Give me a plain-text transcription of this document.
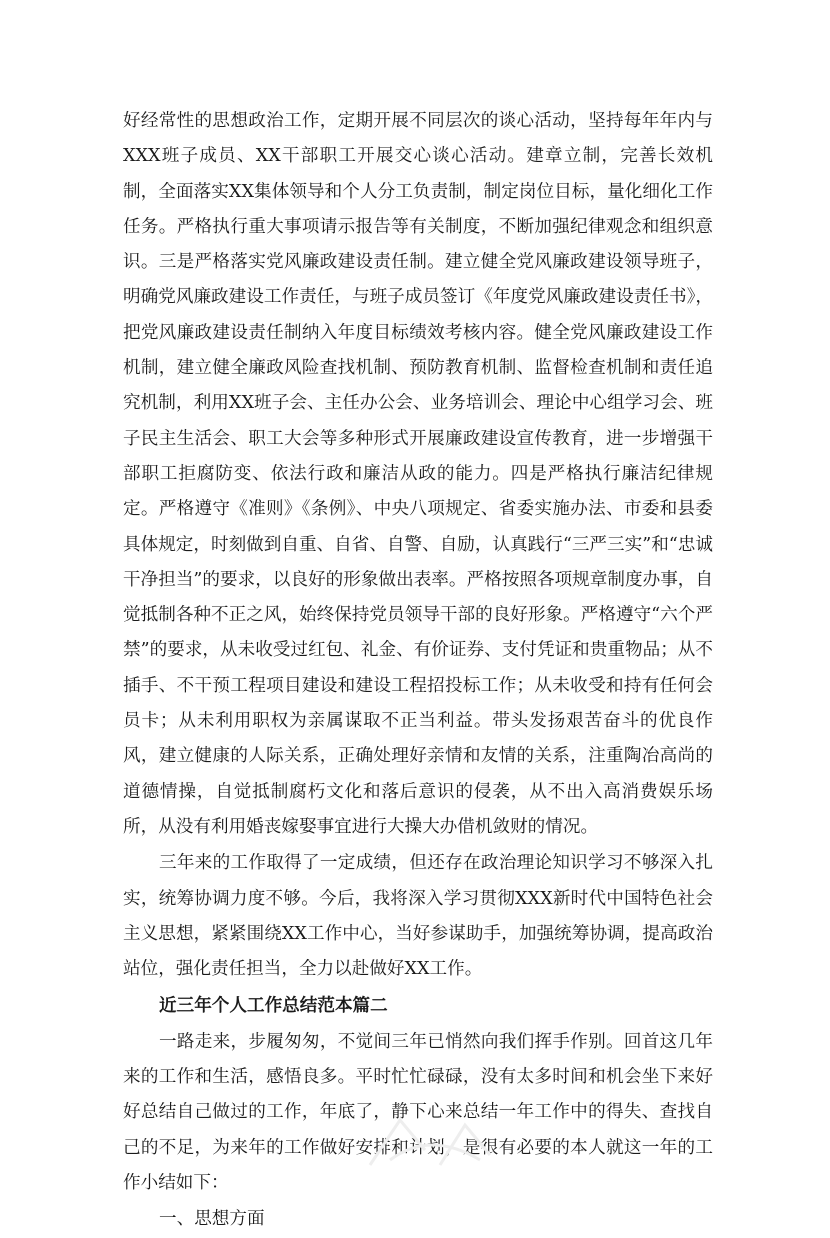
好经常性的思想政治工作，定期开展不同层次的谈心活动，坚持每年年内与XXX班子成员、XX干部职工开展交心谈心活动。建章立制，完善长效机制，全面落实XX集体领导和个人分工负责制，制定岗位目标，量化细化工作任务。严格执行重大事项请示报告等有关制度，不断加强纪律观念和组织意识。三是严格落实党风廉政建设责任制。建立健全党风廉政建设领导班子，明确党风廉政建设工作责任，与班子成员签订《年度党风廉政建设责任书》，把党风廉政建设责任制纳入年度目标绩效考核内容。健全党风廉政建设工作机制，建立健全廉政风险查找机制、预防教育机制、监督检查机制和责任追究机制，利用XX班子会、主任办公会、业务培训会、理论中心组学习会、班子民主生活会、职工大会等多种形式开展廉政建设宣传教育，进一步增强干部职工拒腐防变、依法行政和廉洁从政的能力。四是严格执行廉洁纪律规定。严格遵守《准则》《条例》、中央八项规定、省委实施办法、市委和县委具体规定，时刻做到自重、自省、自警、自励，认真践行“三严三实”和“忠诚干净担当”的要求，以良好的形象做出表率。严格按照各项规章制度办事，自觉抵制各种不正之风，始终保持党员领导干部的良好形象。严格遵守“六个严禁”的要求，从未收受过红包、礼金、有价证券、支付凭证和贵重物品；从不插手、不干预工程项目建设和建设工程招投标工作；从未收受和持有任何会员卡；从未利用职权为亲属谋取不正当利益。带头发扬艰苦奋斗的优良作风，建立健康的人际关系，正确处理好亲情和友情的关系，注重陶冶高尚的道德情操，自觉抵制腐朽文化和落后意识的侵袭，从不出入高消费娱乐场所，从没有利用婚丧嫁娶事宜进行大操大办借机敛财的情况。

三年来的工作取得了一定成绩，但还存在政治理论知识学习不够深入扎实，统筹协调力度不够。今后，我将深入学习贯彻XXX新时代中国特色社会主义思想，紧紧围绕XX工作中心，当好参谋助手，加强统筹协调，提高政治站位，强化责任担当，全力以赴做好XX工作。

近三年个人工作总结范本篇二

一路走来，步履匆匆，不觉间三年已悄然向我们挥手作别。回首这几年来的工作和生活，感悟良多。平时忙忙碌碌，没有太多时间和机会坐下来好好总结自己做过的工作，年底了，静下心来总结一年工作中的得失、查找自己的不足，为来年的工作做好安排和计划，是很有必要的本人就这一年的工作小结如下：

一、思想方面
